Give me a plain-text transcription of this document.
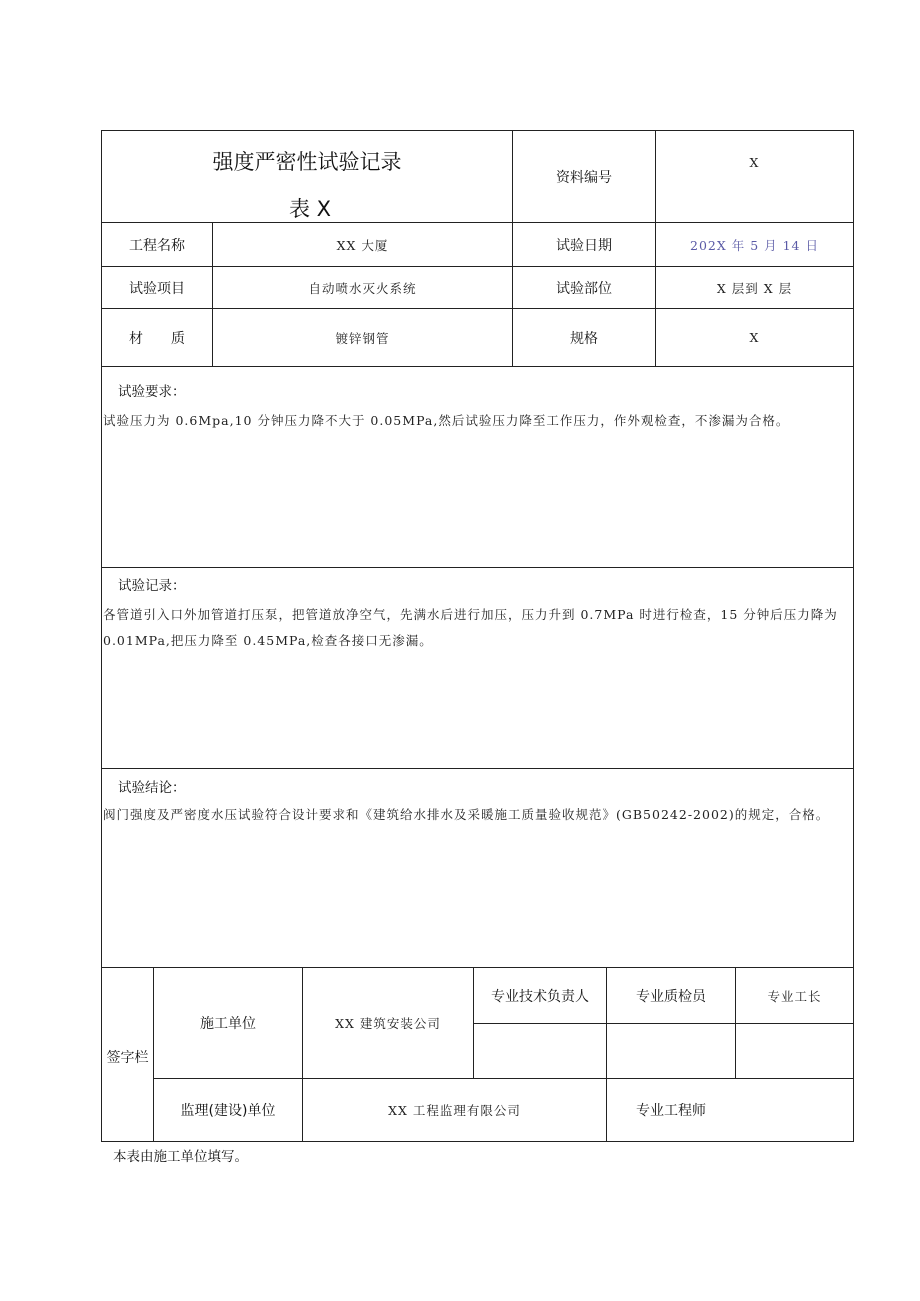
强度严密性试验记录
表 X
资料编号
X
工程名称	XX 大厦	试验日期	202X 年 5 月 14 日
试验项目	自动喷水灭火系统	试验部位	X 层到 X 层
材　　质	镀锌钢管	规格	X
试验要求：
试验压力为 0.6Mpa,10 分钟压力降不大于 0.05MPa,然后试验压力降至工作压力，作外观检查，不渗漏为合格。
试验记录：
各管道引入口外加管道打压泵，把管道放净空气，先满水后进行加压，压力升到 0.7MPa 时进行检查，15 分钟后压力降为 0.01MPa,把压力降至 0.45MPa,检查各接口无渗漏。
试验结论：
阀门强度及严密度水压试验符合设计要求和《建筑给水排水及采暖施工质量验收规范》(GB50242-2002)的规定，合格。
签字栏
施工单位	XX 建筑安装公司
专业技术负责人	专业质检员	专业工长
监理(建设)单位	XX 工程监理有限公司	专业工程师
本表由施工单位填写。
